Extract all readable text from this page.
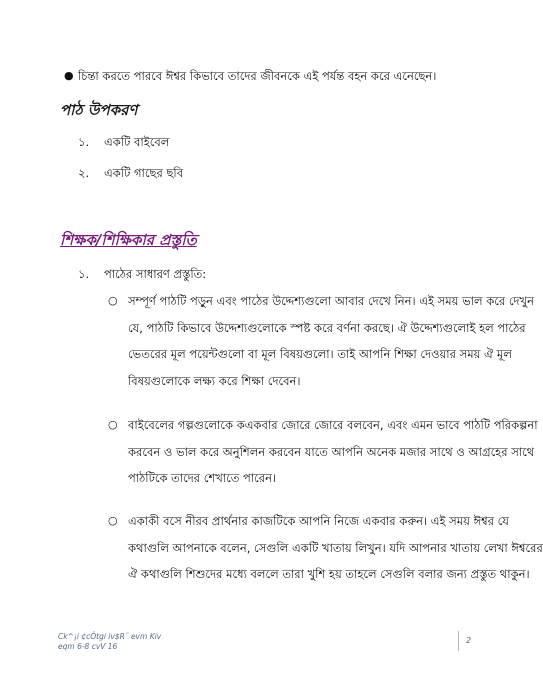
● চিন্তা করতে পারবে ঈশ্বর কিভাবে তাদের জীবনকে এই পর্যন্ত বহন করে এনেছেন।
পাঠ উপকরণ
১. একটি বাইবেল
২. একটি গাছের ছবি
শিক্ষক/শিক্ষিকার প্রস্তুতি
১. পাঠের সাধারণ প্রস্তুতি:
○ সম্পূর্ণ পাঠটি পড়ুন এবং পাঠের উদ্দেশ্যগুলো আবার দেখে নিন। এই সময় ভাল করে দেখুন
যে, পাঠটি কিভাবে উদ্দেশ্যগুলোকে স্পষ্ট করে বর্ণনা করছে। ঐ উদ্দেশ্যগুলোই হল পাঠের
ভেতরের মূল পয়েন্টগুলো বা মূল বিষয়গুলো। তাই আপনি শিক্ষা দেওয়ার সময় ঐ মূল
বিষয়গুলোকে লক্ষ্য করে শিক্ষা দেবেন।
○ বাইবেলের গল্পগুলোকে কএকবার জোরে জোরে বলবেন, এবং এমন ভাবে পাঠটি পরিকল্পনা
করবেন ও ভাল করে অনুশিলন করবেন যাতে আপনি অনেক মজার সাথে ও আগ্রহের সাথে
পাঠটিকে তাদের শেখাতে পারেন।
○ একাকী বসে নীরব প্রার্থনার কাজটিকে আপনি নিজে একবার করুন। এই সময় ঈশ্বর যে
কথাগুলি আপনাকে বলেন, সেগুলি একটি খাতায় লিখুন। যদি আপনার খাতায় লেখা ঈশ্বরের
ঐ কথাগুলি শিশুদের মধ্যে বললে তারা খুশি হয় তাহলে সেগুলি বলার জন্য প্রস্তুত থাকুন।
Ck^¡i ¢cÖtgi iv$R¨ evm Kiv
eqm 6-8 cvV 16
2
